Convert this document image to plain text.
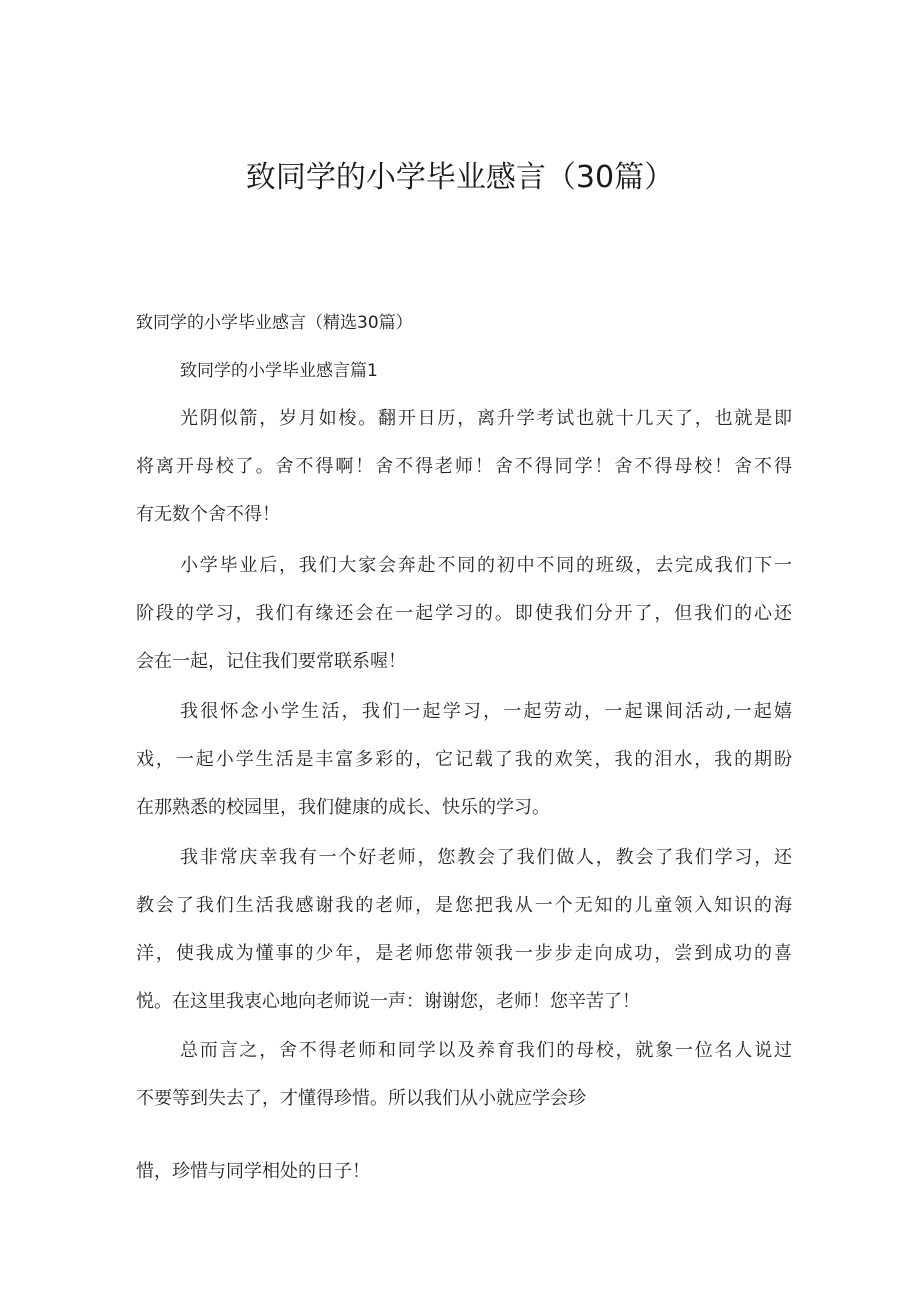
致同学的小学毕业感言（30篇）
致同学的小学毕业感言（精选30篇）
致同学的小学毕业感言篇1
光阴似箭，岁月如梭。翻开日历，离升学考试也就十几天了，也就是即
将离开母校了。舍不得啊！舍不得老师！舍不得同学！舍不得母校！舍不得
有无数个舍不得！
小学毕业后，我们大家会奔赴不同的初中不同的班级，去完成我们下一
阶段的学习，我们有缘还会在一起学习的。即使我们分开了，但我们的心还
会在一起，记住我们要常联系喔！
我很怀念小学生活，我们一起学习，一起劳动，一起课间活动,一起嬉
戏，一起小学生活是丰富多彩的，它记载了我的欢笑，我的泪水，我的期盼
在那熟悉的校园里，我们健康的成长、快乐的学习。
我非常庆幸我有一个好老师，您教会了我们做人，教会了我们学习，还
教会了我们生活我感谢我的老师，是您把我从一个无知的儿童领入知识的海
洋，使我成为懂事的少年，是老师您带领我一步步走向成功，尝到成功的喜
悦。在这里我衷心地向老师说一声：谢谢您，老师！您辛苦了！
总而言之，舍不得老师和同学以及养育我们的母校，就象一位名人说过
不要等到失去了，才懂得珍惜。所以我们从小就应学会珍
惜，珍惜与同学相处的日子！
